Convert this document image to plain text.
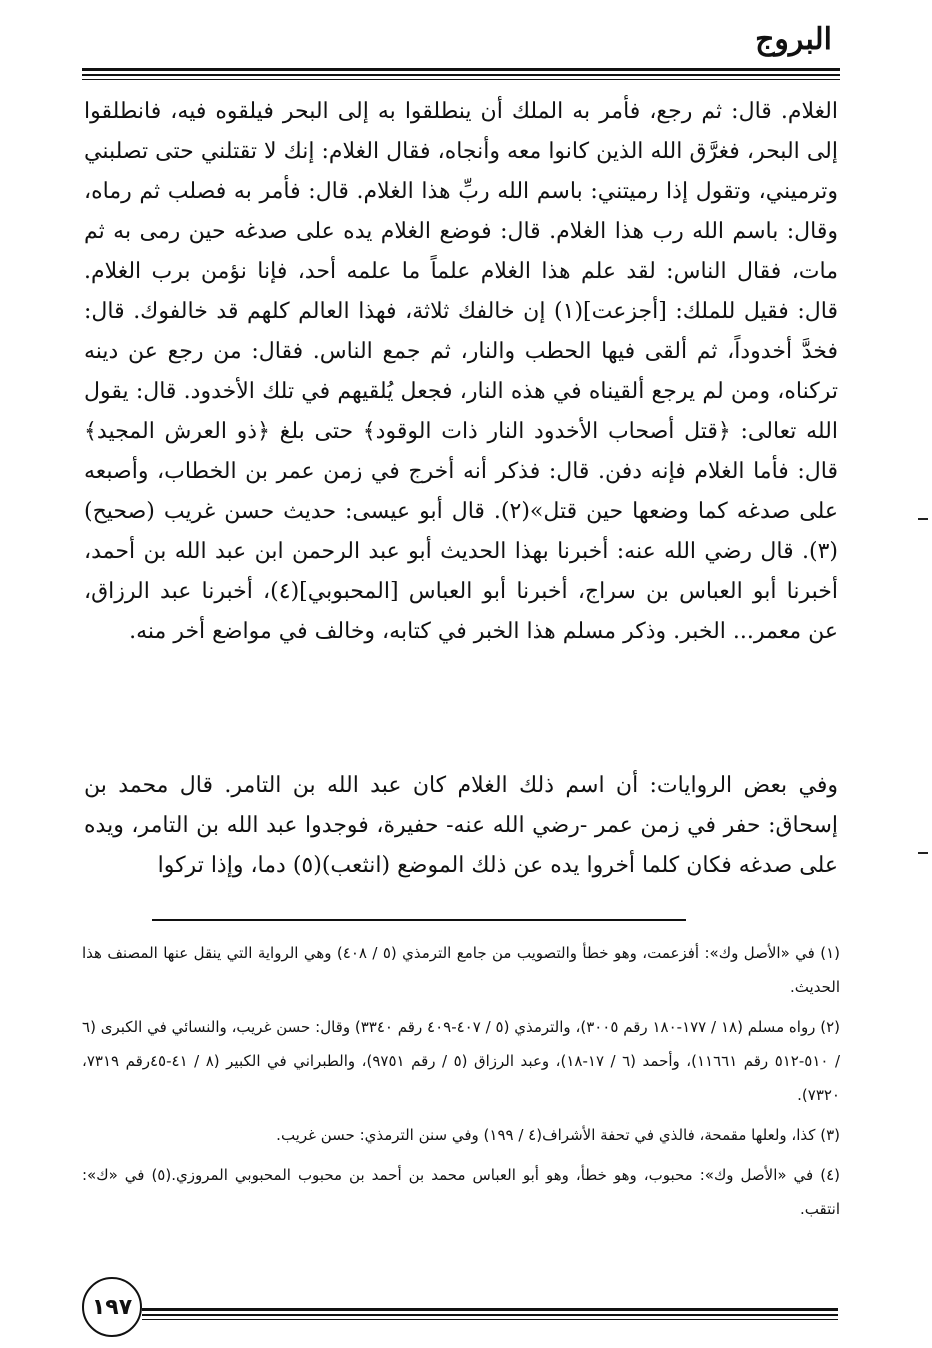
البروج

الغلام. قال: ثم رجع، فأمر به الملك أن ينطلقوا به إلى البحر فيلقوه فيه، فانطلقوا إلى البحر، فغرَّق الله الذين كانوا معه وأنجاه، فقال الغلام: إنك لا تقتلني حتى تصلبني وترميني، وتقول إذا رميتني: باسم الله ربِّ هذا الغلام. قال: فأمر به فصلب ثم رماه، وقال: باسم الله رب هذا الغلام. قال: فوضع الغلام يده على صدغه حين رمى به ثم مات، فقال الناس: لقد علم هذا الغلام علماً ما علمه أحد، فإنا نؤمن برب الغلام. قال: فقيل للملك: [أجزعت](١) إن خالفك ثلاثة، فهذا العالم كلهم قد خالفوك. قال: فخدَّ أخدوداً، ثم ألقى فيها الحطب والنار، ثم جمع الناس. فقال: من رجع عن دينه تركناه، ومن لم يرجع ألقيناه في هذه النار، فجعل يُلقيهم في تلك الأخدود. قال: يقول الله تعالى: ﴿قتل أصحاب الأخدود النار ذات الوقود﴾ حتى بلغ ﴿ذو العرش المجيد﴾ قال: فأما الغلام فإنه دفن. قال: فذكر أنه أخرج في زمن عمر بن الخطاب، وأصبعه على صدغه كما وضعها حين قتل»(٢). قال أبو عيسى: حديث حسن غريب (صحيح)(٣). قال رضي الله عنه: أخبرنا بهذا الحديث أبو عبد الرحمن ابن عبد الله بن أحمد، أخبرنا أبو العباس بن سراج، أخبرنا أبو العباس [المحبوبي](٤)، أخبرنا عبد الرزاق، عن معمر... الخبر. وذكر مسلم هذا الخبر في كتابه، وخالف في مواضع أخر منه.

وفي بعض الروايات: أن اسم ذلك الغلام كان عبد الله بن التامر. قال محمد بن إسحاق: حفر في زمن عمر -رضي الله عنه- حفيرة، فوجدوا عبد الله بن التامر، ويده على صدغه فكان كلما أخروا يده عن ذلك الموضع (انثعب)(٥) دما، وإذا تركوا

(١) في «الأصل وك»: أفزعمت، وهو خطأ والتصويب من جامع الترمذي (٥ / ٤٠٨) وهي الرواية التي ينقل عنها المصنف هذا الحديث.

(٢) رواه مسلم (١٨ / ١٧٧-١٨٠ رقم ٣٠٠٥)، والترمذي (٥ / ٤٠٧-٤٠٩ رقم ٣٣٤٠) وقال: حسن غريب، والنسائي في الكبرى (٦ / ٥١٠-٥١٢ رقم ١١٦٦١)، وأحمد (٦ / ١٧-١٨)، وعبد الرزاق (٥ / رقم ٩٧٥١)، والطبراني في الكبير (٨ / ٤١-٤٥رقم ٧٣١٩، ٧٣٢٠).

(٣) كذا، ولعلها مقمحة، فالذي في تحفة الأشراف(٤ / ١٩٩) وفي سنن الترمذي: حسن غريب.

(٤) في «الأصل وك»: محبوب، وهو خطأ، وهو أبو العباس محمد بن أحمد بن محبوب المحبوبي المروزي.(٥) في «ك»: انتقب.

١٩٧
